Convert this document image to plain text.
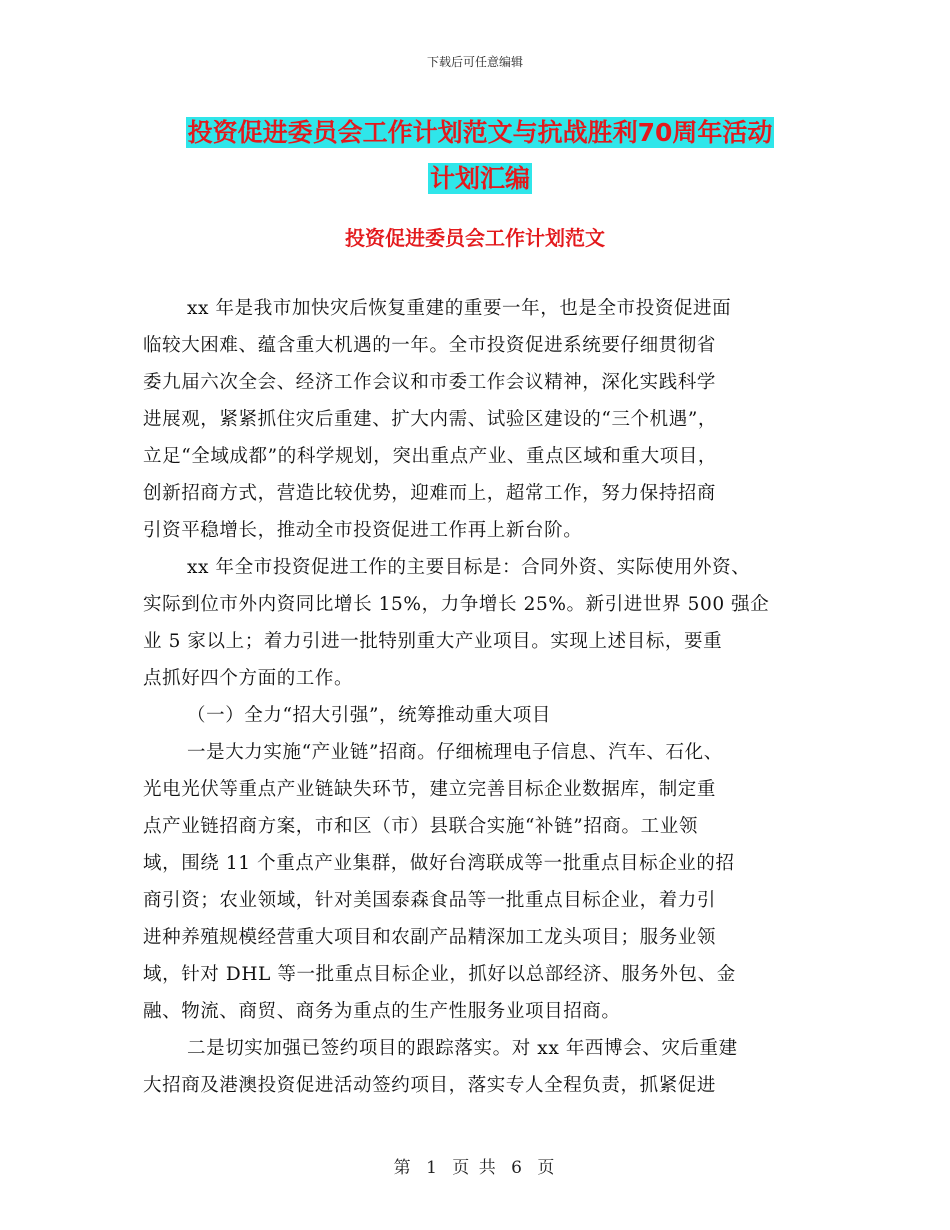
下载后可任意编辑
投资促进委员会工作计划范文与抗战胜利70周年活动
计划汇编
投资促进委员会工作计划范文
xx 年是我市加快灾后恢复重建的重要一年，也是全市投资促进面
临较大困难、蕴含重大机遇的一年。全市投资促进系统要仔细贯彻省
委九届六次全会、经济工作会议和市委工作会议精神，深化实践科学
进展观，紧紧抓住灾后重建、扩大内需、试验区建设的“三个机遇”，
立足“全域成都”的科学规划，突出重点产业、重点区域和重大项目，
创新招商方式，营造比较优势，迎难而上，超常工作，努力保持招商
引资平稳增长，推动全市投资促进工作再上新台阶。
xx 年全市投资促进工作的主要目标是：合同外资、实际使用外资、
实际到位市外内资同比增长 15%，力争增长 25%。新引进世界 500 强企
业 5 家以上；着力引进一批特别重大产业项目。实现上述目标，要重
点抓好四个方面的工作。
（一）全力“招大引强”，统筹推动重大项目
一是大力实施“产业链”招商。仔细梳理电子信息、汽车、石化、
光电光伏等重点产业链缺失环节，建立完善目标企业数据库，制定重
点产业链招商方案，市和区（市）县联合实施“补链”招商。工业领
域，围绕 11 个重点产业集群，做好台湾联成等一批重点目标企业的招
商引资；农业领域，针对美国泰森食品等一批重点目标企业，着力引
进种养殖规模经营重大项目和农副产品精深加工龙头项目；服务业领
域，针对 DHL 等一批重点目标企业，抓好以总部经济、服务外包、金
融、物流、商贸、商务为重点的生产性服务业项目招商。
二是切实加强已签约项目的跟踪落实。对 xx 年西博会、灾后重建
大招商及港澳投资促进活动签约项目，落实专人全程负责，抓紧促进
第 1 页 共 6 页
